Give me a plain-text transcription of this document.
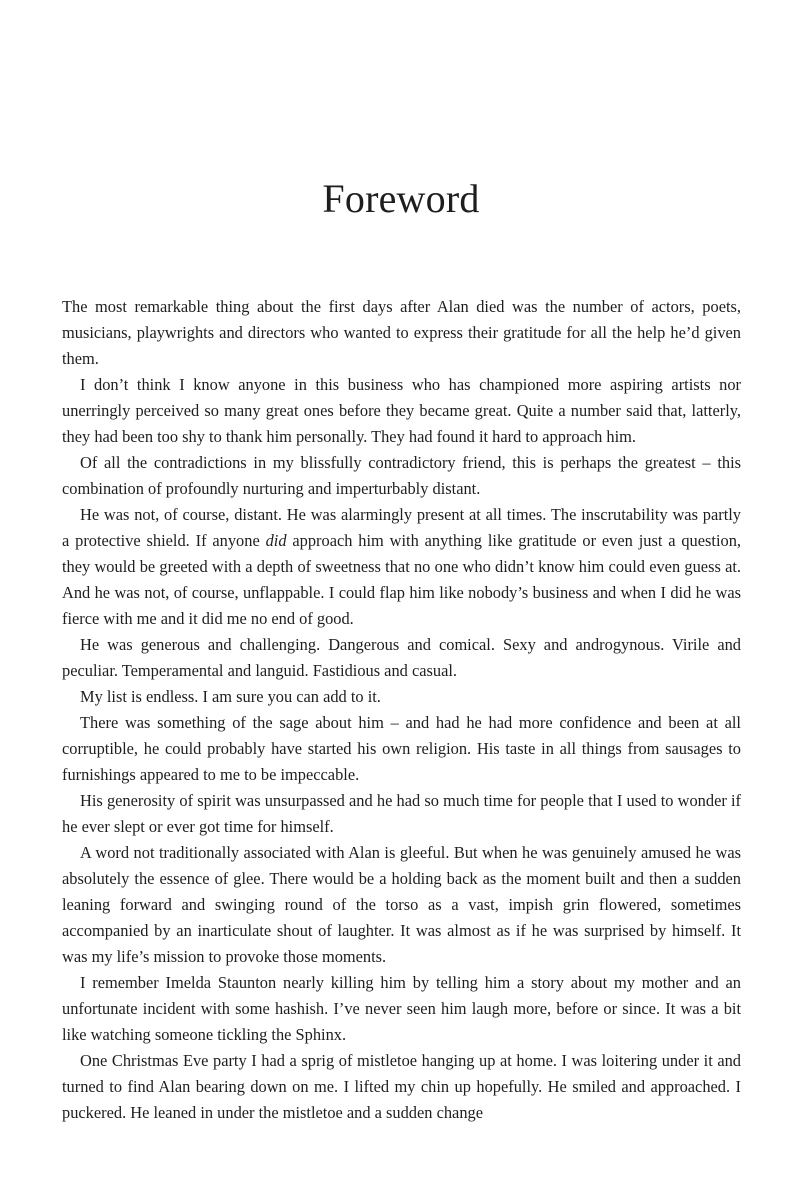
Foreword

The most remarkable thing about the first days after Alan died was the number of actors, poets, musicians, playwrights and directors who wanted to express their gratitude for all the help he’d given them.

I don’t think I know anyone in this business who has championed more aspiring artists nor unerringly perceived so many great ones before they became great. Quite a number said that, latterly, they had been too shy to thank him personally. They had found it hard to approach him.

Of all the contradictions in my blissfully contradictory friend, this is perhaps the greatest – this combination of profoundly nurturing and imperturbably distant.

He was not, of course, distant. He was alarmingly present at all times. The inscrutability was partly a protective shield. If anyone did approach him with anything like gratitude or even just a question, they would be greeted with a depth of sweetness that no one who didn’t know him could even guess at. And he was not, of course, unflappable. I could flap him like nobody’s business and when I did he was fierce with me and it did me no end of good.

He was generous and challenging. Dangerous and comical. Sexy and androgynous. Virile and peculiar. Temperamental and languid. Fastidious and casual.

My list is endless. I am sure you can add to it.

There was something of the sage about him – and had he had more confidence and been at all corruptible, he could probably have started his own religion. His taste in all things from sausages to furnishings appeared to me to be impeccable.

His generosity of spirit was unsurpassed and he had so much time for people that I used to wonder if he ever slept or ever got time for himself.

A word not traditionally associated with Alan is gleeful. But when he was genuinely amused he was absolutely the essence of glee. There would be a holding back as the moment built and then a sudden leaning forward and swinging round of the torso as a vast, impish grin flowered, sometimes accompanied by an inarticulate shout of laughter. It was almost as if he was surprised by himself. It was my life’s mission to provoke those moments.

I remember Imelda Staunton nearly killing him by telling him a story about my mother and an unfortunate incident with some hashish. I’ve never seen him laugh more, before or since. It was a bit like watching someone tickling the Sphinx.

One Christmas Eve party I had a sprig of mistletoe hanging up at home. I was loitering under it and turned to find Alan bearing down on me. I lifted my chin up hopefully. He smiled and approached. I puckered. He leaned in under the mistletoe and a sudden change
